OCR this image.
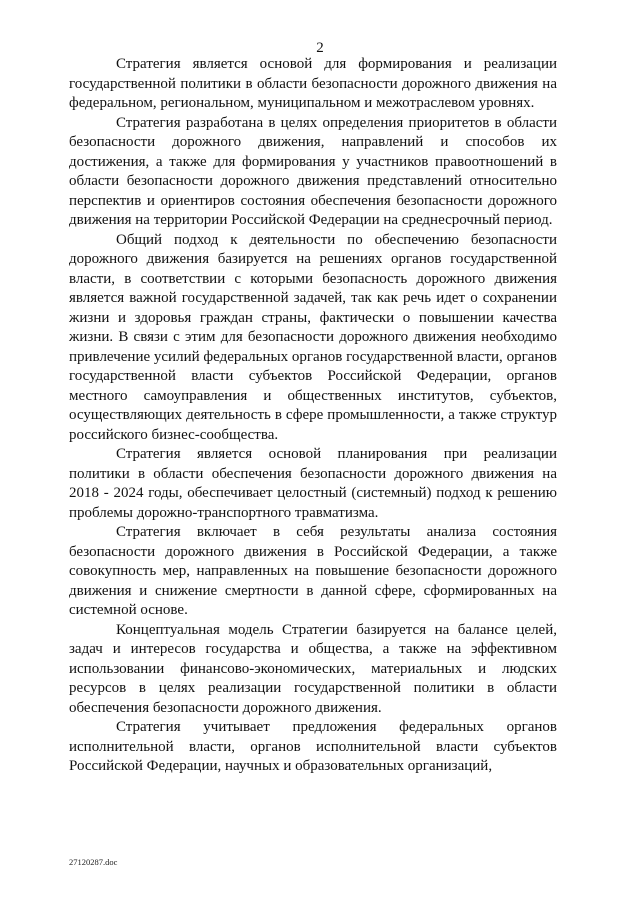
2

Стратегия является основой для формирования и реализации государственной политики в области безопасности дорожного движения на федеральном, региональном, муниципальном и межотраслевом уровнях.

Стратегия разработана в целях определения приоритетов в области безопасности дорожного движения, направлений и способов их достижения, а также для формирования у участников правоотношений в области безопасности дорожного движения представлений относительно перспектив и ориентиров состояния обеспечения безопасности дорожного движения на территории Российской Федерации на среднесрочный период.

Общий подход к деятельности по обеспечению безопасности дорожного движения базируется на решениях органов государственной власти, в соответствии с которыми безопасность дорожного движения является важной государственной задачей, так как речь идет о сохранении жизни и здоровья граждан страны, фактически о повышении качества жизни. В связи с этим для безопасности дорожного движения необходимо привлечение усилий федеральных органов государственной власти, органов государственной власти субъектов Российской Федерации, органов местного самоуправления и общественных институтов, субъектов, осуществляющих деятельность в сфере промышленности, а также структур российского бизнес-сообщества.

Стратегия является основой планирования при реализации политики в области обеспечения безопасности дорожного движения на 2018 - 2024 годы, обеспечивает целостный (системный) подход к решению проблемы дорожно-транспортного травматизма.

Стратегия включает в себя результаты анализа состояния безопасности дорожного движения в Российской Федерации, а также совокупность мер, направленных на повышение безопасности дорожного движения и снижение смертности в данной сфере, сформированных на системной основе.

Концептуальная модель Стратегии базируется на балансе целей, задач и интересов государства и общества, а также на эффективном использовании финансово-экономических, материальных и людских ресурсов в целях реализации государственной политики в области обеспечения безопасности дорожного движения.

Стратегия учитывает предложения федеральных органов исполнительной власти, органов исполнительной власти субъектов Российской Федерации, научных и образовательных организаций,

27120287.doc
